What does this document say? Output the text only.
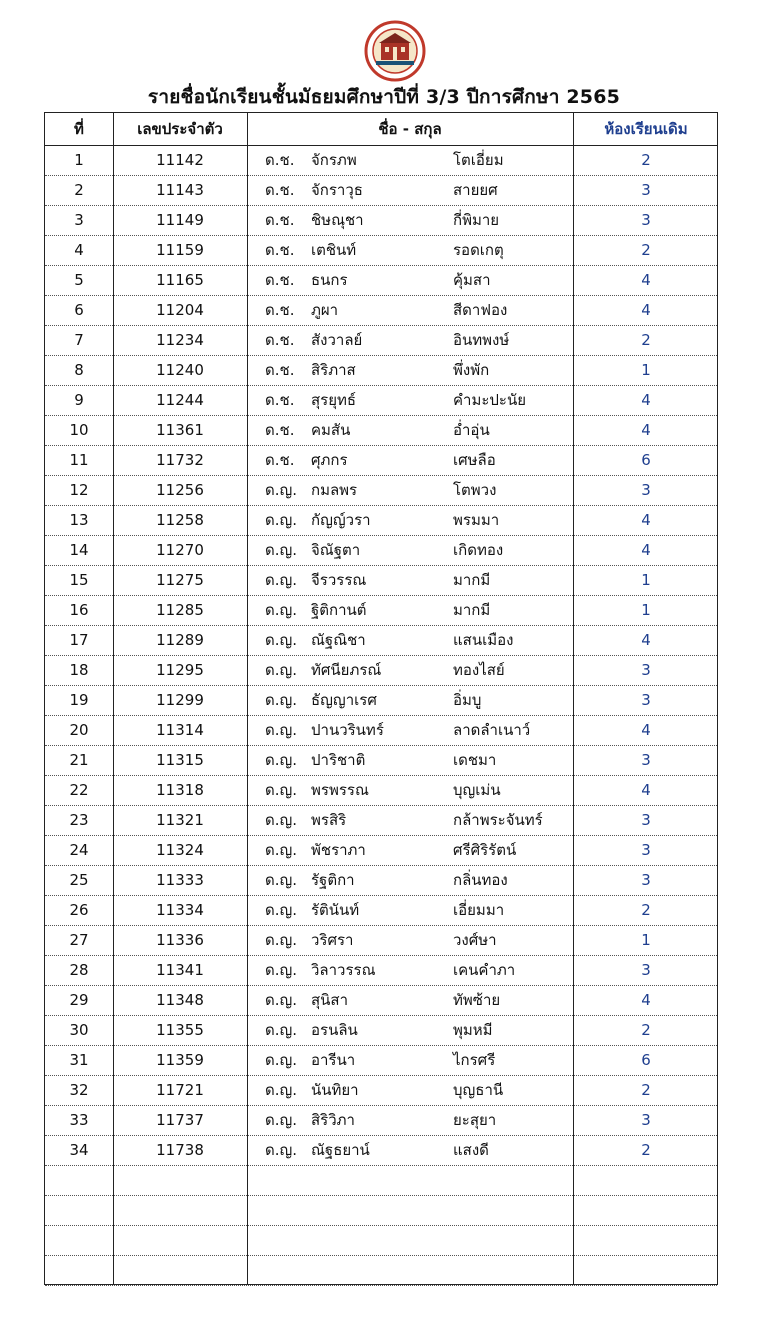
รายชื่อนักเรียนชั้นมัธยมศึกษาปีที่ 3/3 ปีการศึกษา 2565
ที่	เลขประจำตัว	ชื่อ - สกุล	ห้องเรียนเดิม
1	11142	ด.ช.	จักรภพ	โตเอี่ยม	2
2	11143	ด.ช.	จักราวุธ	สายยศ	3
3	11149	ด.ช.	ชิษณุชา	กี่พิมาย	3
4	11159	ด.ช.	เตชินท์	รอดเกตุ	2
5	11165	ด.ช.	ธนกร	คุ้มสา	4
6	11204	ด.ช.	ภูผา	สีดาฟอง	4
7	11234	ด.ช.	สังวาลย์	อินทพงษ์	2
8	11240	ด.ช.	สิริภาส	พึ่งพัก	1
9	11244	ด.ช.	สุรยุทธ์	คำมะปะนัย	4
10	11361	ด.ช.	คมสัน	อ่ำอุ่น	4
11	11732	ด.ช.	ศุภกร	เศษลือ	6
12	11256	ด.ญ. กมลพร	โตพวง	3
13	11258	ด.ญ. กัญญ์วรา	พรมมา	4
14	11270	ด.ญ. จิณัฐตา	เกิดทอง	4
15	11275	ด.ญ. จีรวรรณ	มากมี	1
16	11285	ด.ญ. ฐิติกานต์	มากมี	1
17	11289	ด.ญ. ณัฐณิชา	แสนเมือง	4
18	11295	ด.ญ. ทัศนียภรณ์	ทองไสย์	3
19	11299	ด.ญ. ธัญญาเรศ	อิ่มบู	3
20	11314	ด.ญ. ปานวรินทร์	ลาดลำเนาว์	4
21	11315	ด.ญ. ปาริชาติ	เดชมา	3
22	11318	ด.ญ. พรพรรณ	บุญเม่น	4
23	11321	ด.ญ. พรสิริ	กล้าพระจันทร์	3
24	11324	ด.ญ. พัชราภา	ศรีศิริรัตน์	3
25	11333	ด.ญ. รัฐติกา	กลิ่นทอง	3
26	11334	ด.ญ. รัตินันท์	เอี่ยมมา	2
27	11336	ด.ญ. วริศรา	วงศ์ษา	1
28	11341	ด.ญ. วิลาวรรณ	เคนคำภา	3
29	11348	ด.ญ. สุนิสา	ทัพซ้าย	4
30	11355	ด.ญ. อรนลิน	พุมหมี	2
31	11359	ด.ญ. อารีนา	ไกรศรี	6
32	11721	ด.ญ. นันทิยา	บุญธานี	2
33	11737	ด.ญ. สิริวิภา	ยะสุยา	3
34	11738	ด.ญ. ณัฐธยาน์	แสงดี	2
